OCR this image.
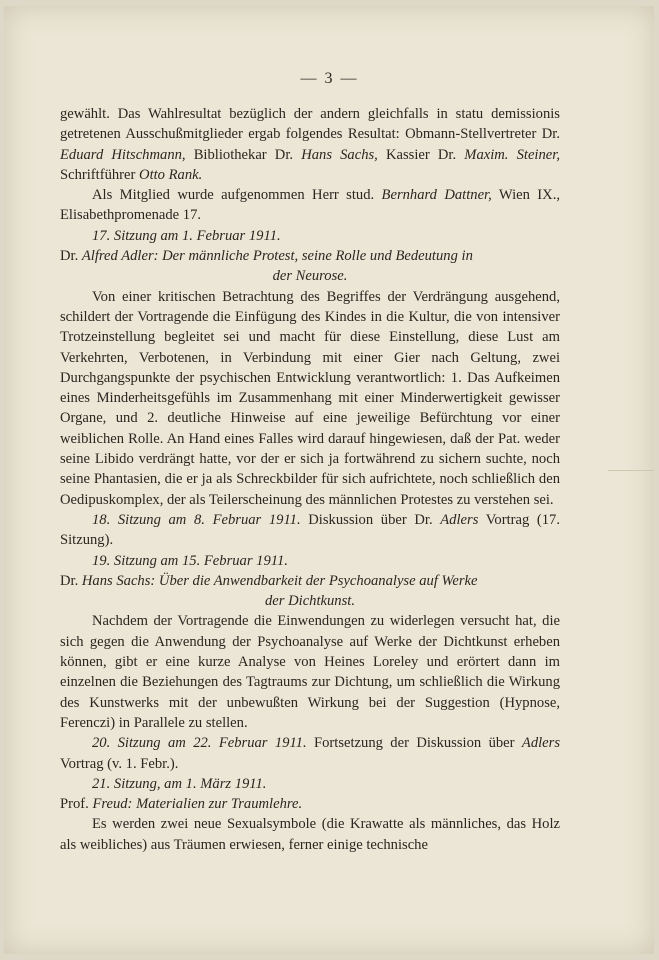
— 3 —

gewählt. Das Wahlresultat bezüglich der andern gleichfalls in statu demissionis getretenen Ausschußmitglieder ergab folgendes Resultat: Obmann-Stellvertreter Dr. Eduard Hitschmann, Bibliothekar Dr. Hans Sachs, Kassier Dr. Maxim. Steiner, Schriftführer Otto Rank.

Als Mitglied wurde aufgenommen Herr stud. Bernhard Dattner, Wien IX., Elisabethpromenade 17.

17. Sitzung am 1. Februar 1911.

Dr. Alfred Adler: Der männliche Protest, seine Rolle und Bedeutung in

der Neurose.

Von einer kritischen Betrachtung des Begriffes der Verdrängung ausgehend, schildert der Vortragende die Einfügung des Kindes in die Kultur, die von intensiver Trotzeinstellung begleitet sei und macht für diese Einstellung, diese Lust am Verkehrten, Verbotenen, in Verbindung mit einer Gier nach Geltung, zwei Durchgangspunkte der psychischen Entwicklung verantwortlich: 1. Das Aufkeimen eines Minderheitsgefühls im Zusammenhang mit einer Minderwertigkeit gewisser Organe, und 2. deutliche Hinweise auf eine jeweilige Befürchtung vor einer weiblichen Rolle. An Hand eines Falles wird darauf hingewiesen, daß der Pat. weder seine Libido verdrängt hatte, vor der er sich ja fortwährend zu sichern suchte, noch seine Phantasien, die er ja als Schreckbilder für sich aufrichtete, noch schließlich den Oedipuskomplex, der als Teilerscheinung des männlichen Protestes zu verstehen sei.

18. Sitzung am 8. Februar 1911. Diskussion über Dr. Adlers Vortrag (17. Sitzung).

19. Sitzung am 15. Februar 1911.

Dr. Hans Sachs: Über die Anwendbarkeit der Psychoanalyse auf Werke

der Dichtkunst.

Nachdem der Vortragende die Einwendungen zu widerlegen versucht hat, die sich gegen die Anwendung der Psychoanalyse auf Werke der Dichtkunst erheben können, gibt er eine kurze Analyse von Heines Loreley und erörtert dann im einzelnen die Beziehungen des Tagtraums zur Dichtung, um schließlich die Wirkung des Kunstwerks mit der unbewußten Wirkung bei der Suggestion (Hypnose, Ferenczi) in Parallele zu stellen.

20. Sitzung am 22. Februar 1911. Fortsetzung der Diskussion über Adlers Vortrag (v. 1. Febr.).

21. Sitzung, am 1. März 1911.

Prof. Freud: Materialien zur Traumlehre.

Es werden zwei neue Sexualsymbole (die Krawatte als männliches, das Holz als weibliches) aus Träumen erwiesen, ferner einige technische
